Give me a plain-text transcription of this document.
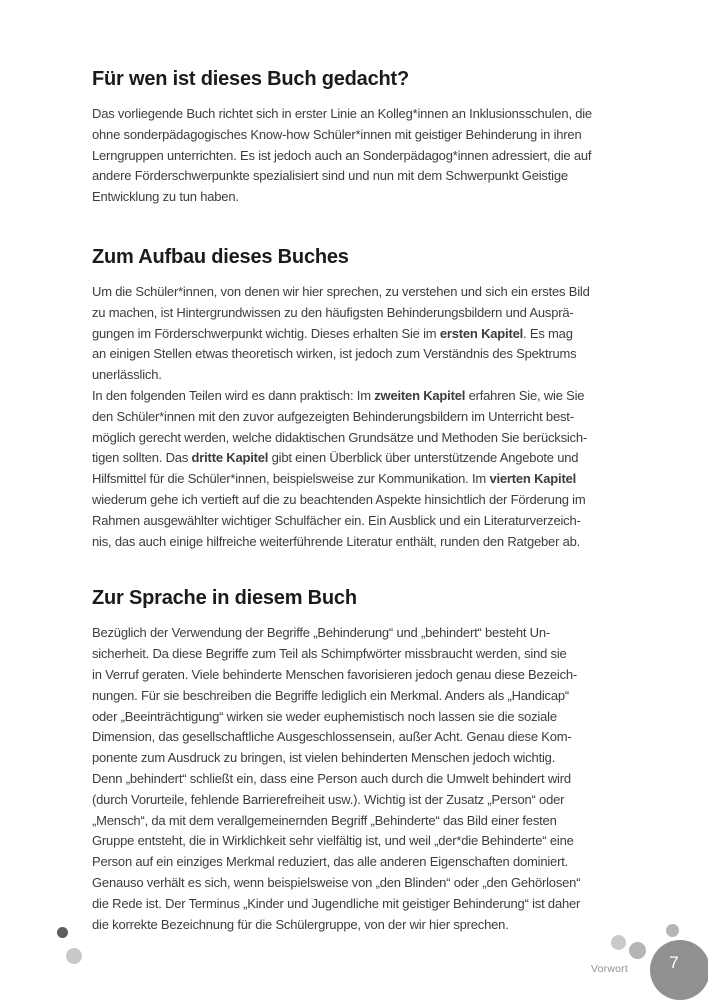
Für wen ist dieses Buch gedacht?
Das vorliegende Buch richtet sich in erster Linie an Kolleg*innen an Inklusionsschulen, die
ohne sonderpädagogisches Know-how Schüler*innen mit geistiger Behinderung in ihren
Lerngruppen unterrichten. Es ist jedoch auch an Sonderpädagog*innen adressiert, die auf
andere Förderschwerpunkte spezialisiert sind und nun mit dem Schwerpunkt Geistige
Entwicklung zu tun haben.
Zum Aufbau dieses Buches
Um die Schüler*innen, von denen wir hier sprechen, zu verstehen und sich ein erstes Bild
zu machen, ist Hintergrundwissen zu den häufigsten Behinderungsbildern und Ausprä-
gungen im Förderschwerpunkt wichtig. Dieses erhalten Sie im ersten Kapitel. Es mag
an einigen Stellen etwas theoretisch wirken, ist jedoch zum Verständnis des Spektrums
unerlässlich.
In den folgenden Teilen wird es dann praktisch: Im zweiten Kapitel erfahren Sie, wie Sie
den Schüler*innen mit den zuvor aufgezeigten Behinderungsbildern im Unterricht best-
möglich gerecht werden, welche didaktischen Grundsätze und Methoden Sie berücksich-
tigen sollten. Das dritte Kapitel gibt einen Überblick über unterstützende Angebote und
Hilfsmittel für die Schüler*innen, beispielsweise zur Kommunikation. Im vierten Kapitel
wiederum gehe ich vertieft auf die zu beachtenden Aspekte hinsichtlich der Förderung im
Rahmen ausgewählter wichtiger Schulfächer ein. Ein Ausblick und ein Literaturverzeich-
nis, das auch einige hilfreiche weiterführende Literatur enthält, runden den Ratgeber ab.
Zur Sprache in diesem Buch
Bezüglich der Verwendung der Begriffe „Behinderung“ und „behindert“ besteht Un-
sicherheit. Da diese Begriffe zum Teil als Schimpfwörter missbraucht werden, sind sie
in Verruf geraten. Viele behinderte Menschen favorisieren jedoch genau diese Bezeich-
nungen. Für sie beschreiben die Begriffe lediglich ein Merkmal. Anders als „Handicap“
oder „Beeinträchtigung“ wirken sie weder euphemistisch noch lassen sie die soziale
Dimension, das gesellschaftliche Ausgeschlossensein, außer Acht. Genau diese Kom-
ponente zum Ausdruck zu bringen, ist vielen behinderten Menschen jedoch wichtig.
Denn „behindert“ schließt ein, dass eine Person auch durch die Umwelt behindert wird
(durch Vorurteile, fehlende Barrierefreiheit usw.). Wichtig ist der Zusatz „Person“ oder
„Mensch“, da mit dem verallgemeinernden Begriff „Behinderte“ das Bild einer festen
Gruppe entsteht, die in Wirklichkeit sehr vielfältig ist, und weil „der*die Behinderte“ eine
Person auf ein einziges Merkmal reduziert, das alle anderen Eigenschaften dominiert.
Genauso verhält es sich, wenn beispielsweise von „den Blinden“ oder „den Gehörlosen“
die Rede ist. Der Terminus „Kinder und Jugendliche mit geistiger Behinderung“ ist daher
die korrekte Bezeichnung für die Schülergruppe, von der wir hier sprechen.
Vorwort 7
